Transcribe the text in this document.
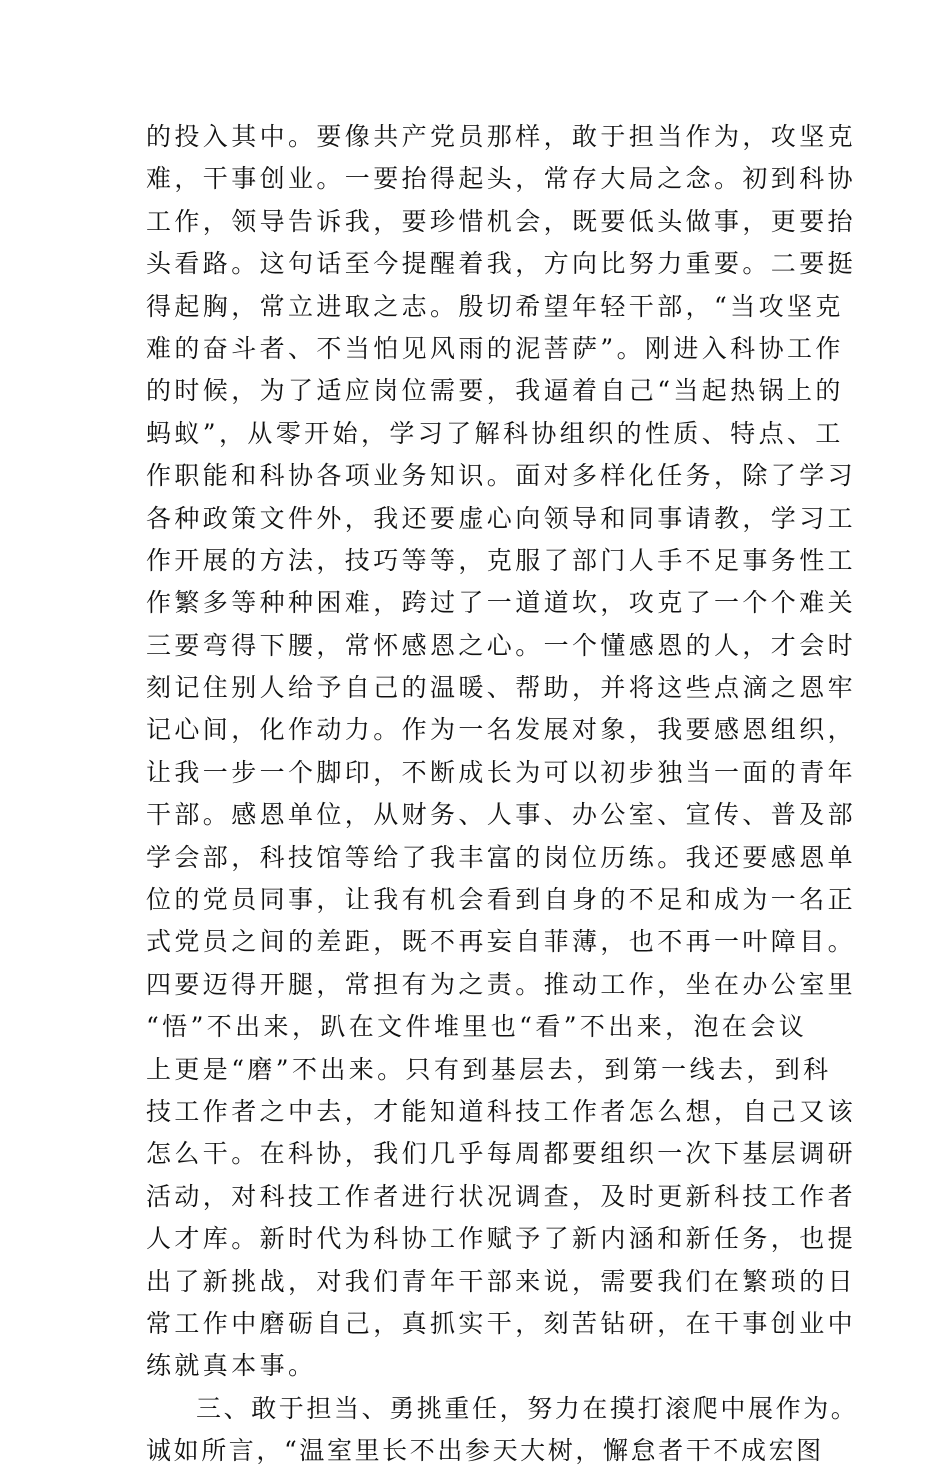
的投入其中。要像共产党员那样，敢于担当作为，攻坚克
难，干事创业。一要抬得起头，常存大局之念。初到科协
工作，领导告诉我，要珍惜机会，既要低头做事，更要抬
头看路。这句话至今提醒着我，方向比努力重要。二要挺
得起胸，常立进取之志。殷切希望年轻干部，“当攻坚克
难的奋斗者、不当怕见风雨的泥菩萨”。刚进入科协工作
的时候，为了适应岗位需要，我逼着自己“当起热锅上的
蚂蚁”，从零开始，学习了解科协组织的性质、特点、工
作职能和科协各项业务知识。面对多样化任务，除了学习
各种政策文件外，我还要虚心向领导和同事请教，学习工
作开展的方法，技巧等等，克服了部门人手不足事务性工
作繁多等种种困难，跨过了一道道坎，攻克了一个个难关
三要弯得下腰，常怀感恩之心。一个懂感恩的人，才会时
刻记住别人给予自己的温暖、帮助，并将这些点滴之恩牢
记心间，化作动力。作为一名发展对象，我要感恩组织，
让我一步一个脚印，不断成长为可以初步独当一面的青年
干部。感恩单位，从财务、人事、办公室、宣传、普及部
学会部，科技馆等给了我丰富的岗位历练。我还要感恩单
位的党员同事，让我有机会看到自身的不足和成为一名正
式党员之间的差距，既不再妄自菲薄，也不再一叶障目。
四要迈得开腿，常担有为之责。推动工作，坐在办公室里
“悟”不出来，趴在文件堆里也“看”不出来，泡在会议
上更是“磨”不出来。只有到基层去，到第一线去，到科
技工作者之中去，才能知道科技工作者怎么想，自己又该
怎么干。在科协，我们几乎每周都要组织一次下基层调研
活动，对科技工作者进行状况调查，及时更新科技工作者
人才库。新时代为科协工作赋予了新内涵和新任务，也提
出了新挑战，对我们青年干部来说，需要我们在繁琐的日
常工作中磨砺自己，真抓实干，刻苦钻研，在干事创业中
练就真本事。
三、敢于担当、勇挑重任，努力在摸打滚爬中展作为。
诚如所言，“温室里长不出参天大树，懈怠者干不成宏图
